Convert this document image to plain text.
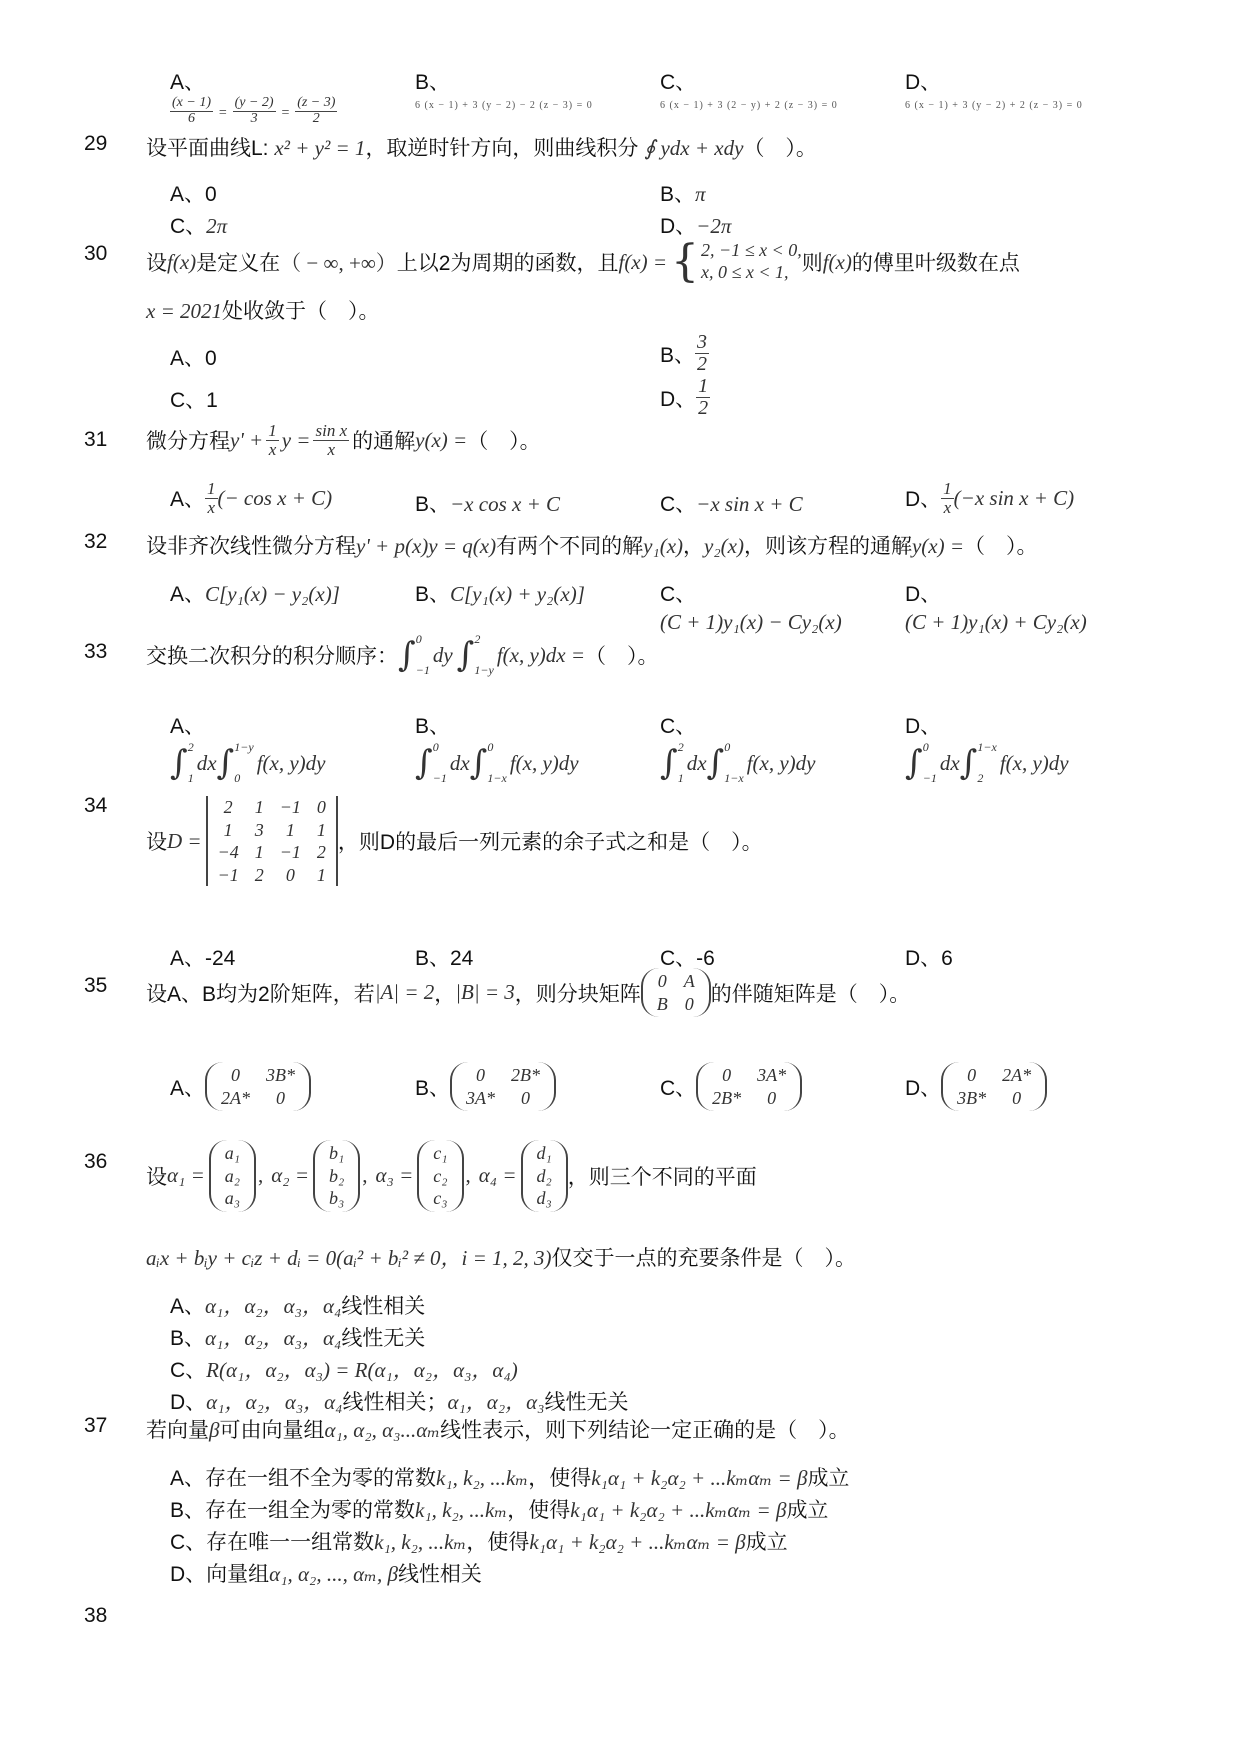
A、
$\frac{(x - 1)}{6} = \frac{(y - 2)}{3} = \frac{(z - 3)}{2}$
B、
6 (x − 1) + 3 (y − 2) − 2 (z − 3) = 0
C、
6 (x − 1) + 3 (2 − y) + 2 (z − 3) = 0
D、
6 (x − 1) + 3 (y − 2) + 2 (z − 3) = 0
29 设平面曲线L: x² + y² = 1，取逆时针方向，则曲线积分 ∮ ydx + xdy（　）。
A、0	B、π
C、2π	D、−2π
30 设 f(x) 是定义在 （ − ∞, +∞） 上以2为周期的函数，且 f(x) = { 2, −1 ≤ x < 0,
x, 0 ≤ x < 1, 则 f(x) 的傅里叶级数在点
x = 2021处收敛于（　）。
A、0	B、 $\frac{3}{2}$
C、1	D、 $\frac{1}{2}$
31 微分方程 $y' + \frac{1}{x}$ $y = \frac{\text{sin x}}{x}$ 的通解 y(x) = （　）。
A、 $\frac{1}{x}$ (− cos x + C)	B、−x cos x + C	C、−x sin x + C	D、 $\frac{1}{x} (-x$ sin x + C)
32 设非齐次线性微分方程y' + p(x)y = q(x)有两个不同的解y₁(x)，y₂(x)，则该方程的通解y(x) =（　）。
A、C[y₁(x) − y₂(x)]	B、C[y₁(x) + y₂(x)]	C、
(C + 1)y₁(x) − Cy₂(x)
D、
(C + 1)y₁(x) + Cy₂(x)
33 交换二次积分的积分顺序： ∫ 0
−1
dy ∫ 2
1−y
f(x, y)dx = （　）。
A、
∫ 2
1
dx ∫ 1−y
0
f(x, y)dy
B、
∫ 0
−1
dx ∫ 0
1−x
f(x, y)dy
C、
∫ 2
1
dx ∫ 0
1−x
f(x, y)dy
D、
∫ 0
−1
dx ∫ 1−x
2
f(x, y)dy
34
设 D =
2	1	−1	0
1	3	1	1
−4	1	−1	2
−1	2	0	1
，则D的最后一列元素的余子式之和是（　）。
A、-24	B、24	C、-6	D、6
35 设A、B均为2阶矩阵，若 |A| = 2 ， |B| = 3 ，则分块矩阵
0	A
B	0 的伴随矩阵是（　）。
A、
0	3B*
2A*	0	B、
0	2B*
3A*	0	C、
0	3A*
2B*	0	D、
0	2A*
3B*	0
36
设 α₁ =
a₁
a₂
a₃
, α₂ =
b₁
b₂
b₃
, α₃ =
c₁
c₂
c₃
, α₄ =
d₁
d₂
d₃
，则三个不同的平面
aᵢx + bᵢy + cᵢz + dᵢ = 0(aᵢ² + bᵢ² ≠ 0，i = 1, 2, 3)仅交于一点的充要条件是（　）。
A、α₁，α₂，α₃，α₄线性相关
B、α₁，α₂，α₃，α₄线性无关
C、R(α₁，α₂，α₃) = R(α₁，α₂，α₃，α₄)
D、α₁，α₂，α₃，α₄线性相关；α₁，α₂，α₃线性无关
37 若向量β可由向量组α₁, α₂, α₃...αₘ线性表示，则下列结论一定正确的是（　）。
A、存在一组不全为零的常数k₁, k₂, ...kₘ，使得k₁α₁ + k₂α₂ + ...kₘαₘ = β成立
B、存在一组全为零的常数k₁, k₂, ...kₘ，使得k₁α₁ + k₂α₂ + ...kₘαₘ = β成立
C、存在唯一一组常数k₁, k₂, ...kₘ，使得k₁α₁ + k₂α₂ + ...kₘαₘ = β成立
D、向量组α₁, α₂, ..., αₘ, β线性相关
38
